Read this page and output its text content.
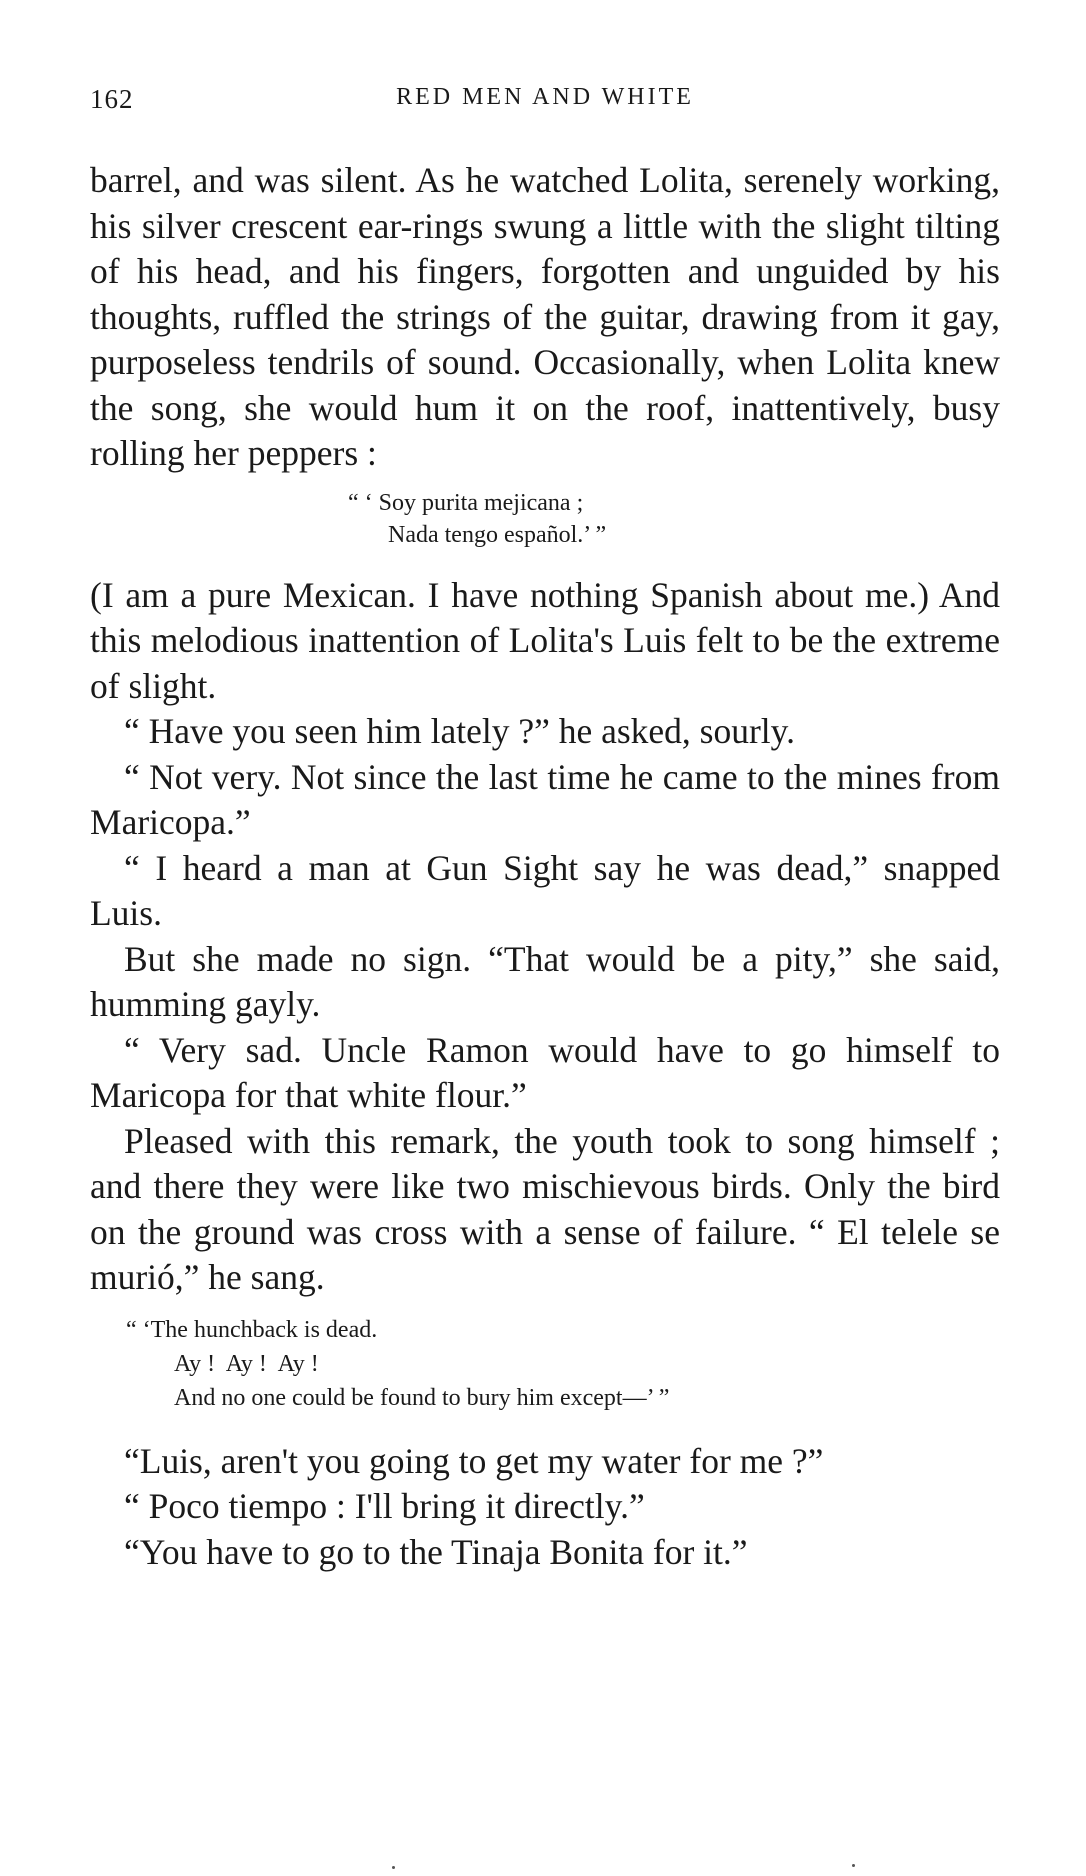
162	RED MEN AND WHITE

barrel, and was silent. As he watched Lolita, serenely working, his silver crescent ear-rings swung a little with the slight tilting of his head, and his fingers, forgotten and unguided by his thoughts, ruffled the strings of the guitar, drawing from it gay, purposeless tendrils of sound. Occasionally, when Lolita knew the song, she would hum it on the roof, inattentively, busy rolling her peppers :

“ ‘ Soy purita mejicana ;
Nada tengo español.’ ”

(I am a pure Mexican. I have nothing Spanish about me.) And this melodious inattention of Lolita's Luis felt to be the extreme of slight.

“ Have you seen him lately ?” he asked, sourly.

“ Not very. Not since the last time he came to the mines from Maricopa.”

“ I heard a man at Gun Sight say he was dead,” snapped Luis.

But she made no sign. “That would be a pity,” she said, humming gayly.

“ Very sad. Uncle Ramon would have to go himself to Maricopa for that white flour.”

Pleased with this remark, the youth took to song himself ; and there they were like two mischievous birds. Only the bird on the ground was cross with a sense of failure. “ El telele se murió,” he sang.

“ ‘The hunchback is dead.
Ay !  Ay !  Ay !
And no one could be found to bury him except—’ ”

“Luis, aren't you going to get my water for me ?”

“ Poco tiempo : I'll bring it directly.”

“You have to go to the Tinaja Bonita for it.”
